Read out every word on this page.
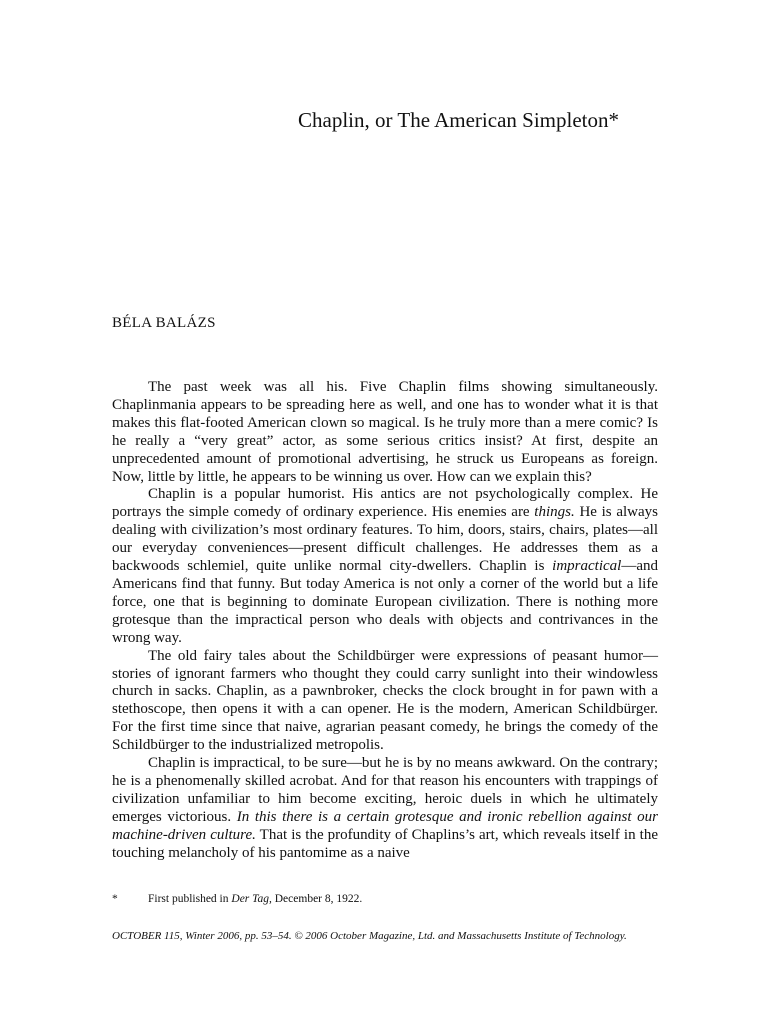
Chaplin, or The American Simpleton*
BÉLA BALÁZS

The past week was all his. Five Chaplin films showing simultaneously. Chaplinmania appears to be spreading here as well, and one has to wonder what it is that makes this flat-footed American clown so magical. Is he truly more than a mere comic? Is he really a “very great” actor, as some serious critics insist? At first, despite an unprecedented amount of promotional advertising, he struck us Europeans as foreign. Now, little by little, he appears to be winning us over. How can we explain this?

Chaplin is a popular humorist. His antics are not psychologically complex. He portrays the simple comedy of ordinary experience. His enemies are things. He is always dealing with civilization’s most ordinary features. To him, doors, stairs, chairs, plates—all our everyday conveniences—present difficult challenges. He addresses them as a backwoods schlemiel, quite unlike normal city-dwellers. Chaplin is impractical—and Americans find that funny. But today America is not only a corner of the world but a life force, one that is beginning to dominate European civilization. There is nothing more grotesque than the impractical person who deals with objects and contrivances in the wrong way.

The old fairy tales about the Schildbürger were expressions of peasant humor—stories of ignorant farmers who thought they could carry sunlight into their windowless church in sacks. Chaplin, as a pawnbroker, checks the clock brought in for pawn with a stethoscope, then opens it with a can opener. He is the modern, American Schildbürger. For the first time since that naive, agrarian peasant comedy, he brings the comedy of the Schildbürger to the industrialized metropolis.

Chaplin is impractical, to be sure—but he is by no means awkward. On the contrary; he is a phenomenally skilled acrobat. And for that reason his encounters with trappings of civilization unfamiliar to him become exciting, heroic duels in which he ultimately emerges victorious. In this there is a certain grotesque and ironic rebellion against our machine-driven culture. That is the profundity of Chaplins’s art, which reveals itself in the touching melancholy of his pantomime as a naive

*	First published in Der Tag, December 8, 1922.
OCTOBER 115, Winter 2006, pp. 53–54. © 2006 October Magazine, Ltd. and Massachusetts Institute of Technology.
